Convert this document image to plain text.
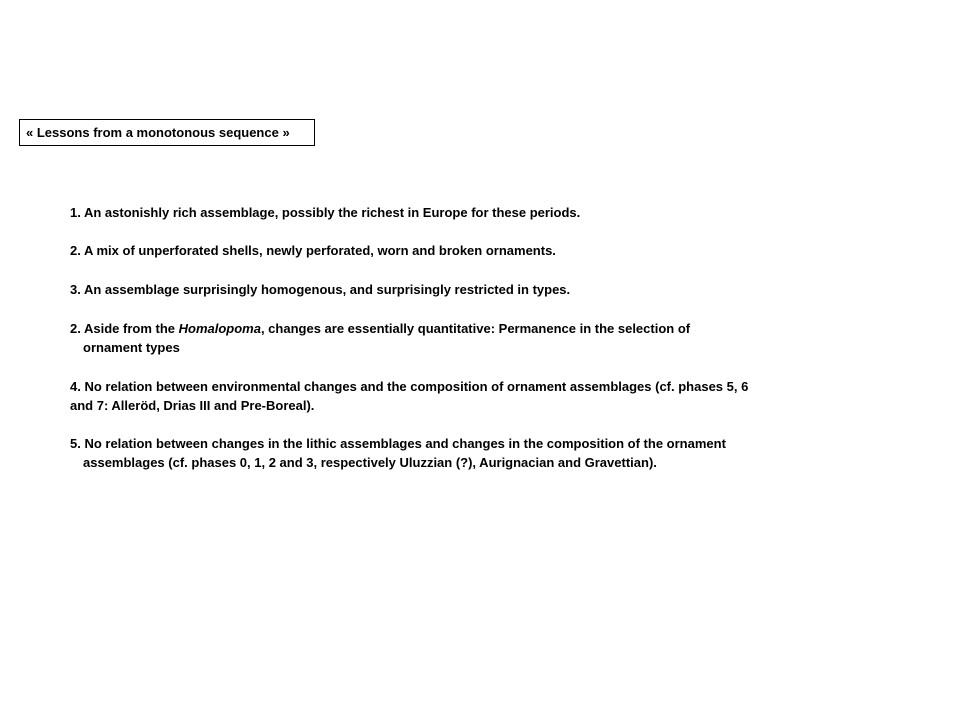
« Lessons from a monotonous sequence »
1. An astonishly rich assemblage, possibly the richest in Europe for these periods.
2. A mix of unperforated shells, newly perforated, worn and broken ornaments.
3. An assemblage surprisingly homogenous, and surprisingly restricted in types.
2. Aside from the Homalopoma, changes are essentially quantitative: Permanence in the selection of
ornament types
4. No relation between environmental changes and the composition of ornament assemblages (cf. phases 5, 6
and 7: Alleröd, Drias III and Pre-Boreal).
5. No relation between changes in the lithic assemblages and changes in the composition of the ornament
assemblages (cf. phases 0, 1, 2 and 3, respectively Uluzzian (?), Aurignacian and Gravettian).
